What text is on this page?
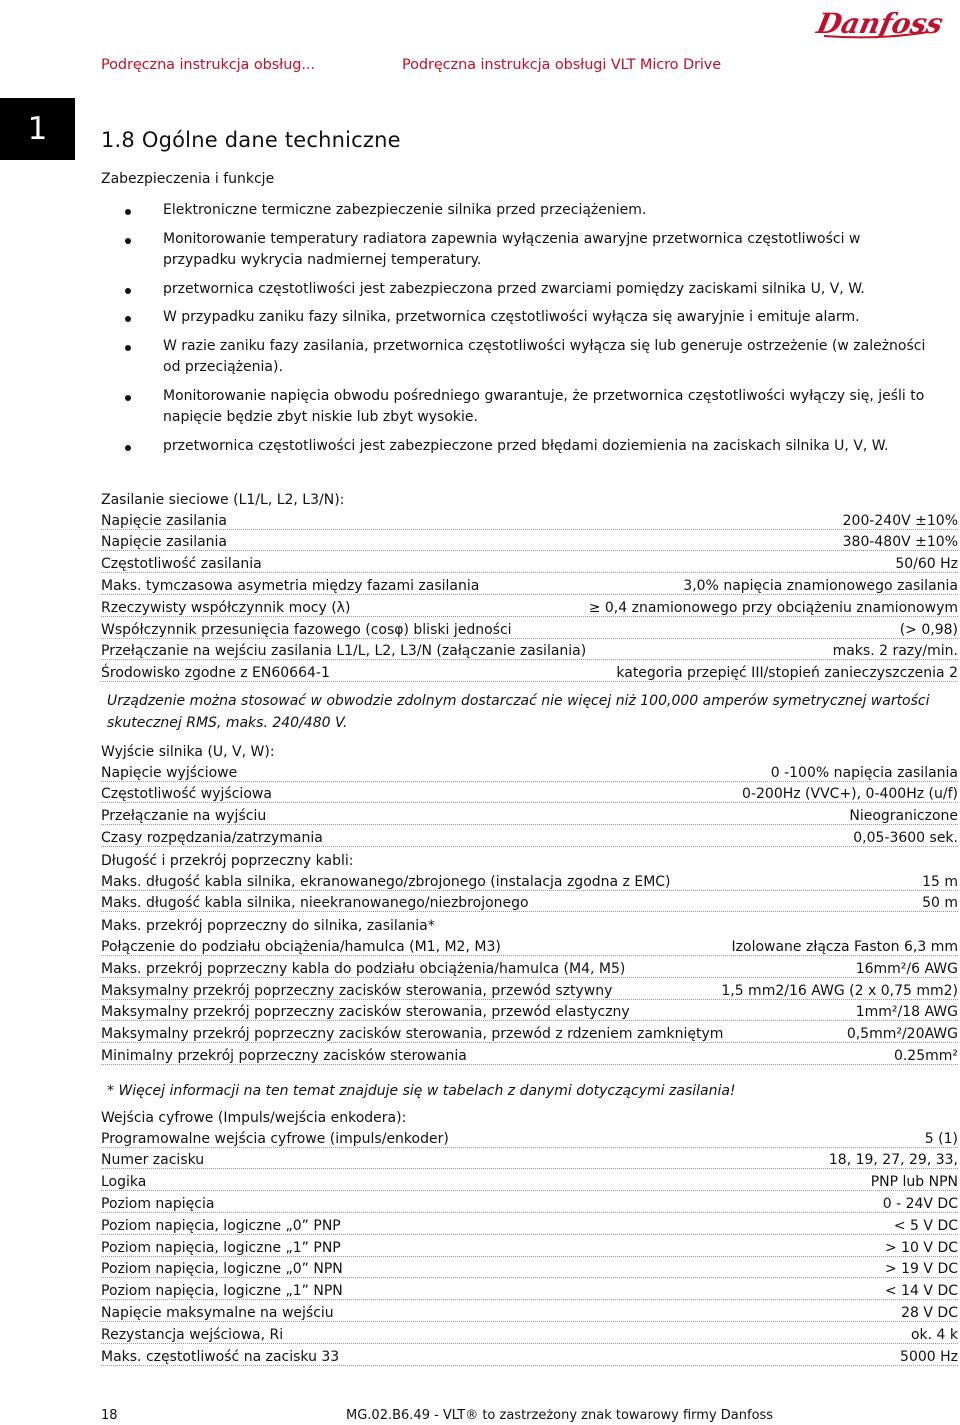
Podręczna instrukcja obsług...	Podręczna instrukcja obsługi VLT Micro Drive
Danfoss
1	1.8 Ogólne dane techniczne
Zabezpieczenia i funkcje
Elektroniczne termiczne zabezpieczenie silnika przed przeciążeniem.
Monitorowanie temperatury radiatora zapewnia wyłączenia awaryjne przetwornica częstotliwości w przypadku wykrycia nadmiernej temperatury.
przetwornica częstotliwości jest zabezpieczona przed zwarciami pomiędzy zaciskami silnika U, V, W.
W przypadku zaniku fazy silnika, przetwornica częstotliwości wyłącza się awaryjnie i emituje alarm.
W razie zaniku fazy zasilania, przetwornica częstotliwości wyłącza się lub generuje ostrzeżenie (w zależności od przeciążenia).
Monitorowanie napięcia obwodu pośredniego gwarantuje, że przetwornica częstotliwości wyłączy się, jeśli to napięcie będzie zbyt niskie lub zbyt wysokie.
przetwornica częstotliwości jest zabezpieczone przed błędami doziemienia na zaciskach silnika U, V, W.
Zasilanie sieciowe (L1/L, L2, L3/N):
Napięcie zasilania	200-240V ±10%
Napięcie zasilania	380-480V ±10%
Częstotliwość zasilania	50/60 Hz
Maks. tymczasowa asymetria między fazami zasilania	3,0% napięcia znamionowego zasilania
Rzeczywisty współczynnik mocy (λ)	≥ 0,4 znamionowego przy obciążeniu znamionowym
Współczynnik przesunięcia fazowego (cosφ) bliski jedności	(> 0,98)
Przełączanie na wejściu zasilania L1/L, L2, L3/N (załączanie zasilania)	maks. 2 razy/min.
Środowisko zgodne z EN60664-1	kategoria przepięć III/stopień zanieczyszczenia 2
Urządzenie można stosować w obwodzie zdolnym dostarczać nie więcej niż 100,000 amperów symetrycznej wartości skutecznej RMS, maks. 240/480 V.
Wyjście silnika (U, V, W):
Napięcie wyjściowe	0 -100% napięcia zasilania
Częstotliwość wyjściowa	0-200Hz (VVC+), 0-400Hz (u/f)
Przełączanie na wyjściu	Nieograniczone
Czasy rozpędzania/zatrzymania	0,05-3600 sek.
Długość i przekrój poprzeczny kabli:
Maks. długość kabla silnika, ekranowanego/zbrojonego (instalacja zgodna z EMC)	15 m
Maks. długość kabla silnika, nieekranowanego/niezbrojonego	50 m
Maks. przekrój poprzeczny do silnika, zasilania*
Połączenie do podziału obciążenia/hamulca (M1, M2, M3)	Izolowane złącza Faston 6,3 mm
Maks. przekrój poprzeczny kabla do podziału obciążenia/hamulca (M4, M5)	16mm²/6 AWG
Maksymalny przekrój poprzeczny zacisków sterowania, przewód sztywny	1,5 mm2/16 AWG (2 x 0,75 mm2)
Maksymalny przekrój poprzeczny zacisków sterowania, przewód elastyczny	1mm²/18 AWG
Maksymalny przekrój poprzeczny zacisków sterowania, przewód z rdzeniem zamkniętym	0,5mm²/20AWG
Minimalny przekrój poprzeczny zacisków sterowania	0.25mm²
* Więcej informacji na ten temat znajduje się w tabelach z danymi dotyczącymi zasilania!
Wejścia cyfrowe (Impuls/wejścia enkodera):
Programowalne wejścia cyfrowe (impuls/enkoder)	5 (1)
Numer zacisku	18, 19, 27, 29, 33,
Logika	PNP lub NPN
Poziom napięcia	0 - 24V DC
Poziom napięcia, logiczne „0” PNP	< 5 V DC
Poziom napięcia, logiczne „1” PNP	> 10 V DC
Poziom napięcia, logiczne „0” NPN	> 19 V DC
Poziom napięcia, logiczne „1” NPN	< 14 V DC
Napięcie maksymalne na wejściu	28 V DC
Rezystancja wejściowa, Ri	ok. 4 k
Maks. częstotliwość na zacisku 33	5000 Hz
18	MG.02.B6.49 - VLT® to zastrzeżony znak towarowy firmy Danfoss
